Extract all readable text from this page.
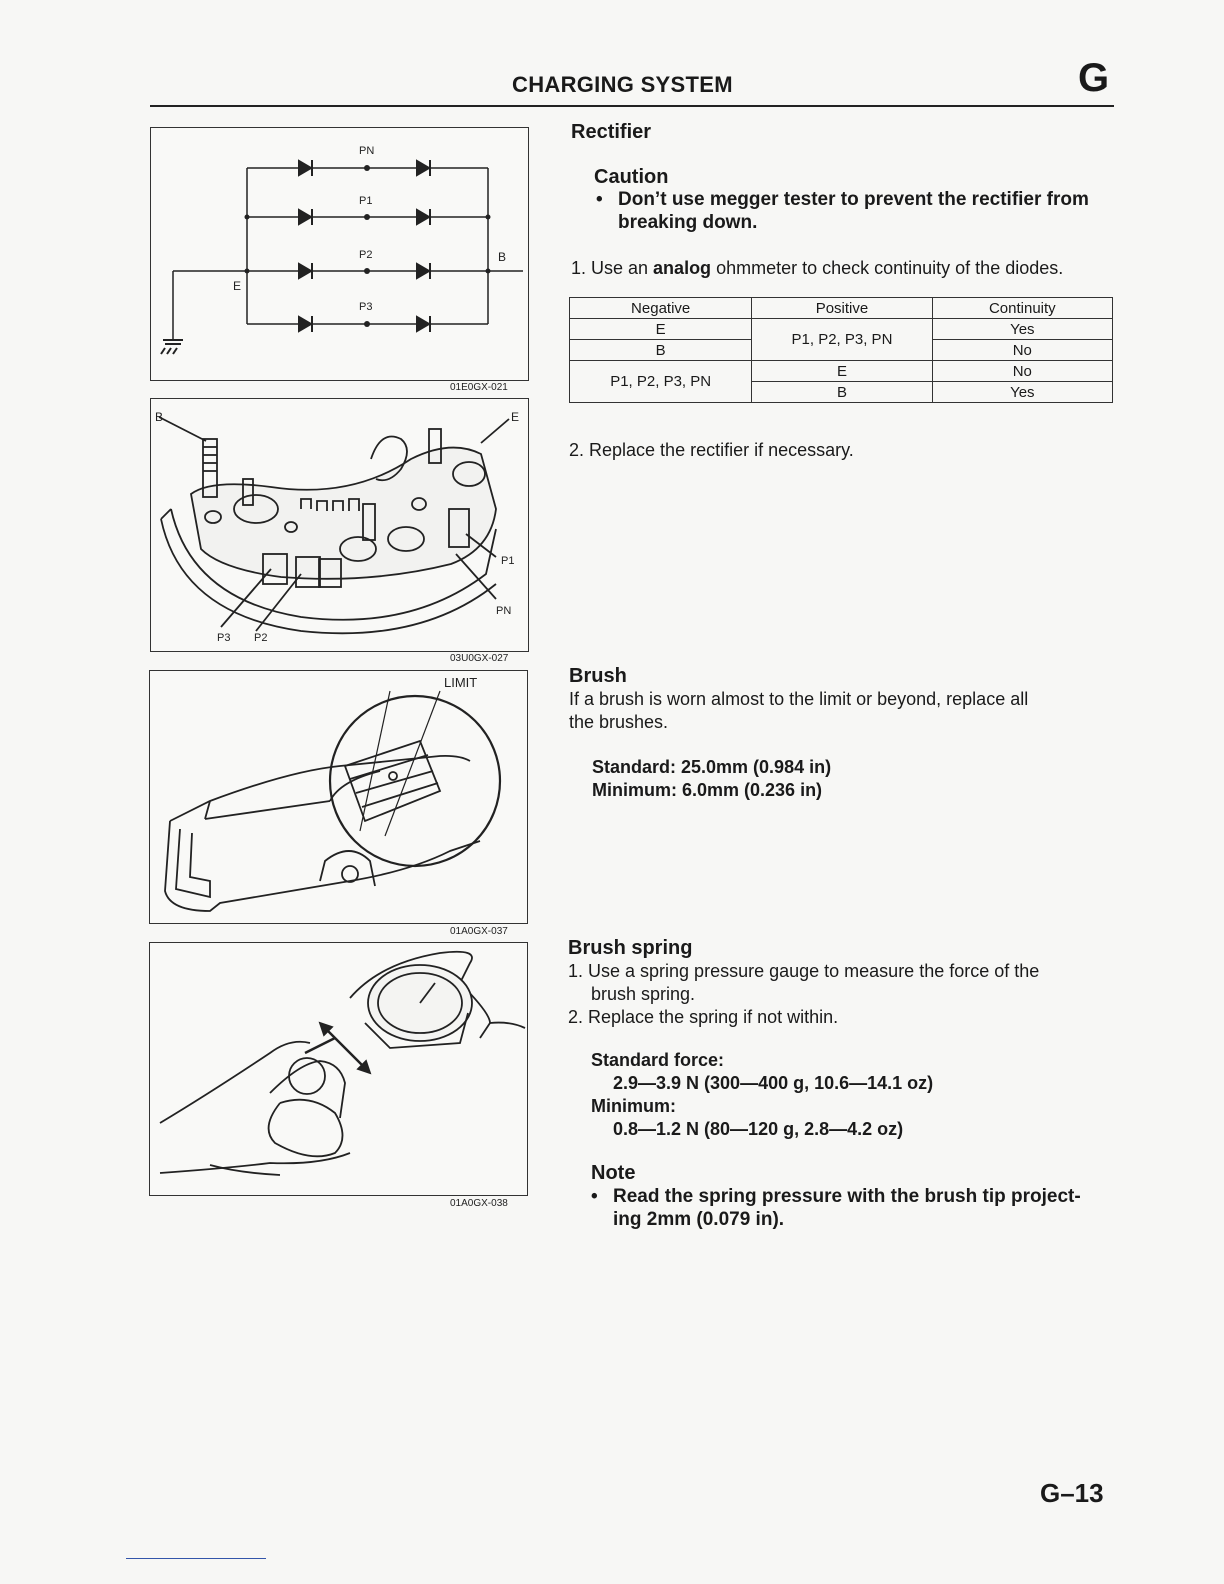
CHARGING SYSTEM	G
PN
P1
P2
P3
B
E
01E0GX-021
B	E
P1
PN
P3 P2
03U0GX-027
LIMIT
01A0GX-037
01A0GX-038
Rectifier
Caution
• Don’t use megger tester to prevent the rectifier from
breaking down.
1. Use an analog ohmmeter to check continuity of the diodes.
Negative	Positive	Continuity
E	P1, P2, P3, PN	Yes
B		No
P1, P2, P3, PN	E	No
	B	Yes
2. Replace the rectifier if necessary.
Brush
If a brush is worn almost to the limit or beyond, replace all
the brushes.
Standard: 25.0mm (0.984 in)
Minimum: 6.0mm (0.236 in)
Brush spring
1. Use a spring pressure gauge to measure the force of the
brush spring.
2. Replace the spring if not within.
Standard force:
2.9—3.9 N (300—400 g, 10.6—14.1 oz)
Minimum:
0.8—1.2 N (80—120 g, 2.8—4.2 oz)
Note
• Read the spring pressure with the brush tip project-
ing 2mm (0.079 in).
G–13
